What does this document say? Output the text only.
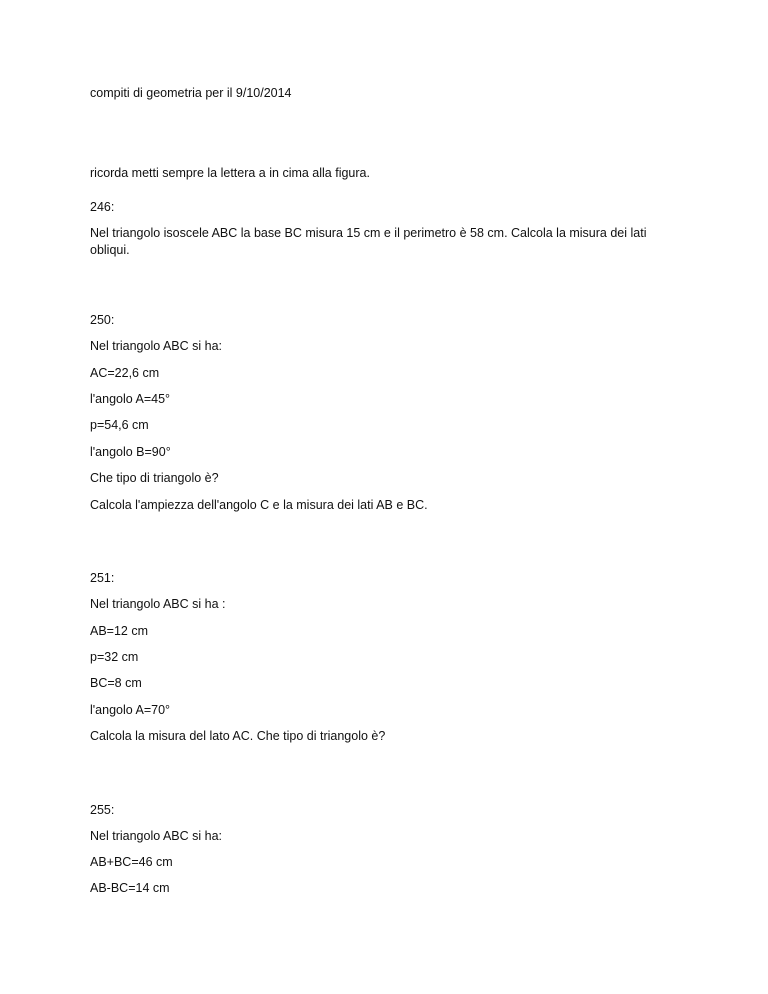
compiti di geometria per il 9/10/2014

ricorda metti sempre la lettera a in cima alla figura.

246:

Nel triangolo isoscele ABC la base BC misura 15 cm e il perimetro è 58 cm. Calcola la misura dei lati obliqui.

250:

Nel triangolo ABC si ha:

AC=22,6 cm

l'angolo A=45°

p=54,6 cm

l'angolo B=90°

Che tipo di triangolo è?

Calcola l'ampiezza dell'angolo C e la misura dei lati AB e BC.

251:

Nel triangolo ABC si ha :

AB=12 cm

p=32 cm

BC=8 cm

l'angolo A=70°

Calcola la misura del lato AC. Che tipo di triangolo è?

255:

Nel triangolo ABC si ha:

AB+BC=46 cm

AB-BC=14 cm
